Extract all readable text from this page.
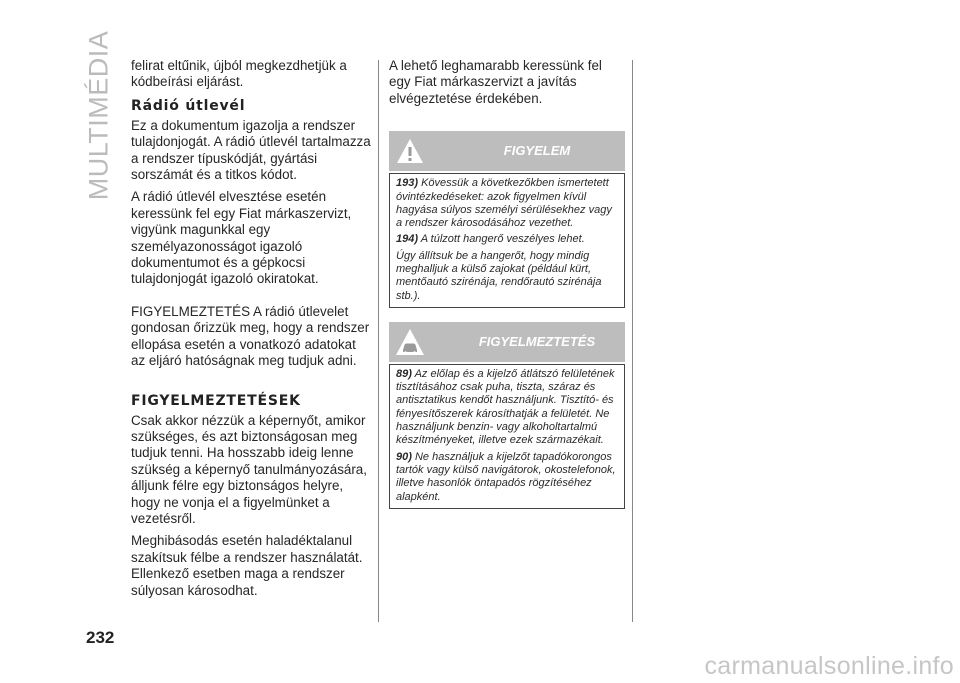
MULTIMÉDIA
232

felirat eltűnik, újból megkezdhetjük a kódbeírási eljárást.

Rádió útlevél

Ez a dokumentum igazolja a rendszer tulajdonjogát. A rádió útlevél tartalmazza a rendszer típuskódját, gyártási sorszámát és a titkos kódot.

A rádió útlevél elvesztése esetén keressünk fel egy Fiat márkaszervizt, vigyünk magunkkal egy személyazonosságot igazoló dokumentumot és a gépkocsi tulajdonjogát igazoló okiratokat.

FIGYELMEZTETÉS A rádió útlevelet gondosan őrizzük meg, hogy a rendszer ellopása esetén a vonatkozó adatokat az eljáró hatóságnak meg tudjuk adni.

FIGYELMEZTETÉSEK

Csak akkor nézzük a képernyőt, amikor szükséges, és azt biztonságosan meg tudjuk tenni. Ha hosszabb ideig lenne szükség a képernyő tanulmányozására, álljunk félre egy biztonságos helyre, hogy ne vonja el a figyelmünket a vezetésről.

Meghibásodás esetén haladéktalanul szakítsuk félbe a rendszer használatát. Ellenkező esetben maga a rendszer súlyosan károsodhat.

A lehető leghamarabb keressünk fel egy Fiat márkaszervizt a javítás elvégeztetése érdekében.

FIGYELEM

193) Kövessük a következőkben ismertetett óvintézkedéseket: azok figyelmen kívül hagyása súlyos személyi sérülésekhez vagy a rendszer károsodásához vezethet.

194) A túlzott hangerő veszélyes lehet.

Úgy állítsuk be a hangerőt, hogy mindig meghalljuk a külső zajokat (például kürt, mentőautó szirénája, rendőrautó szirénája stb.).

FIGYELMEZTETÉS

89) Az előlap és a kijelző átlátszó felületének tisztításához csak puha, tiszta, száraz és antisztatikus kendőt használjunk. Tisztító- és fényesítőszerek károsíthatják a felületét. Ne használjunk benzin- vagy alkoholtartalmú készítményeket, illetve ezek származékait.

90) Ne használjuk a kijelzőt tapadókorongos tartók vagy külső navigátorok, okostelefonok, illetve hasonlók öntapadós rögzítéséhez alapként.

carmanualsonline.info
